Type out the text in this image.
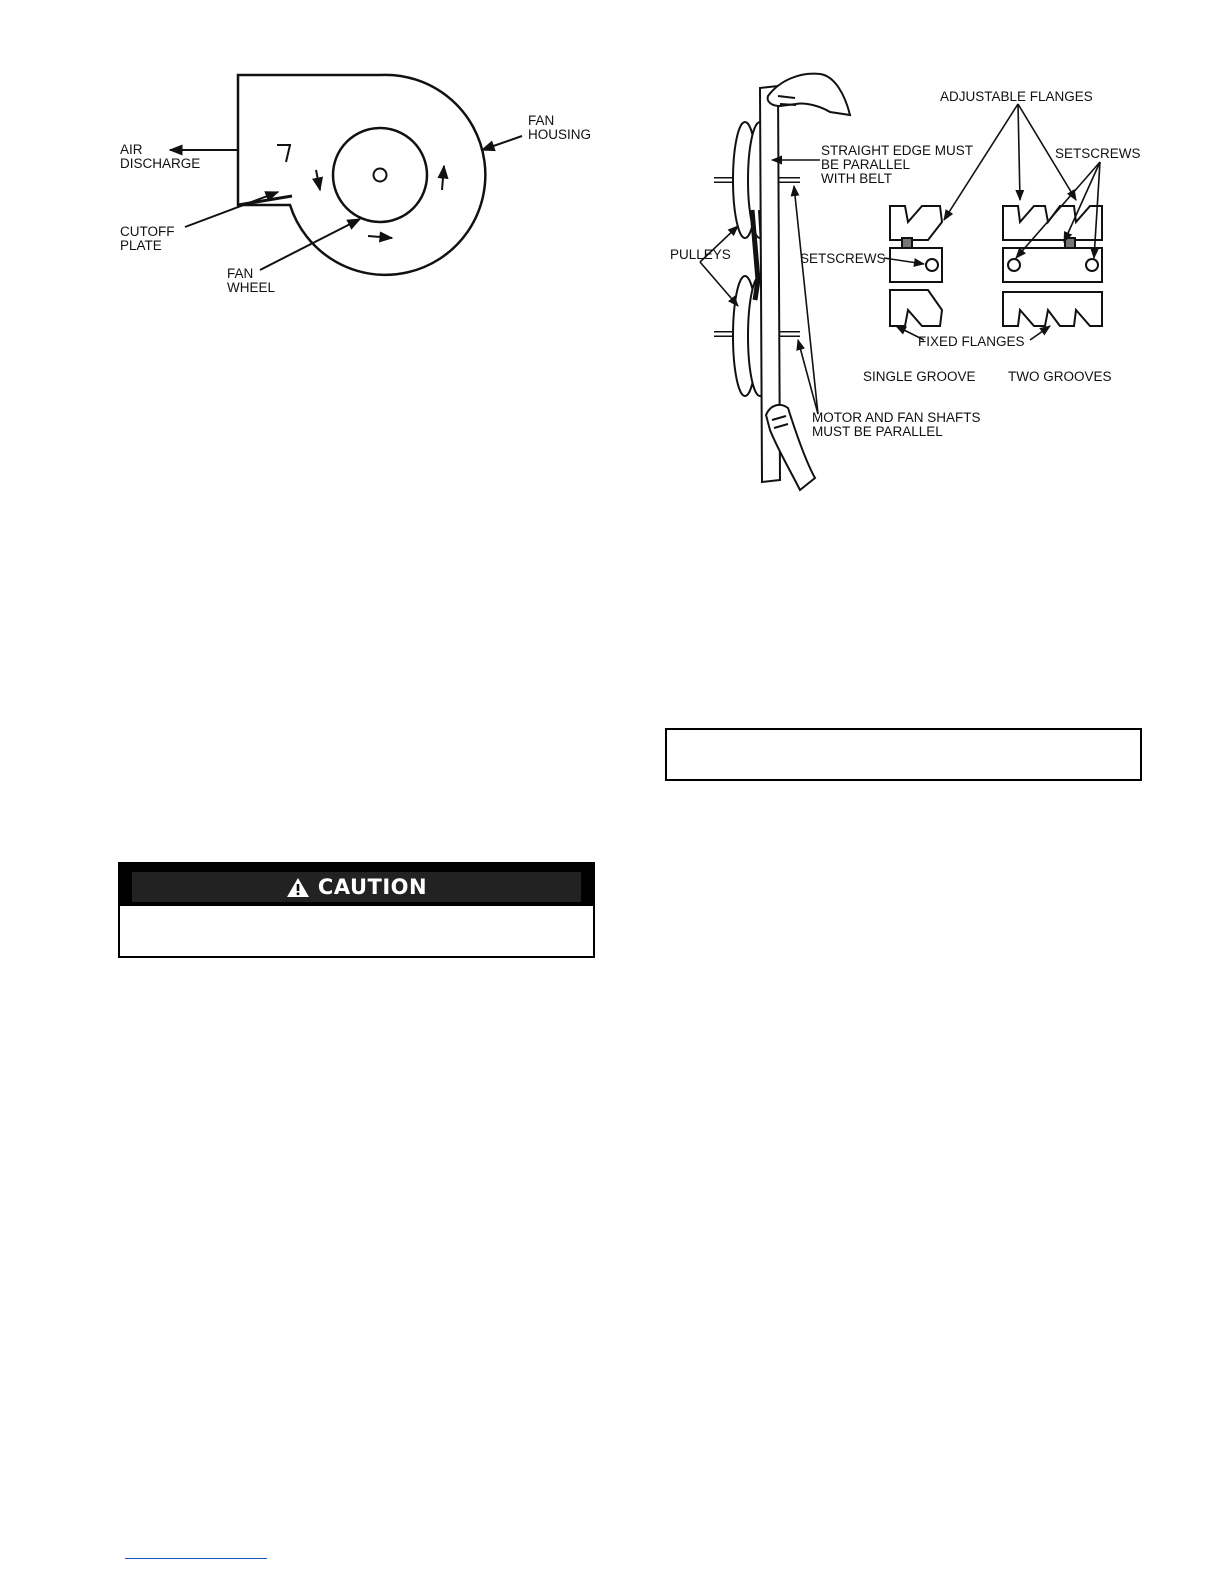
AIR DISCHARGE
FAN HOUSING
CUTOFF PLATE
FAN WHEEL
ADJUSTABLE FLANGES
SETSCREWS
STRAIGHT EDGE MUST BE PARALLEL WITH BELT
PULLEYS	SETSCREWS
FIXED FLANGES
SINGLE GROOVE TWO GROOVES
MOTOR AND FAN SHAFTS MUST BE PARALLEL
CAUTION
